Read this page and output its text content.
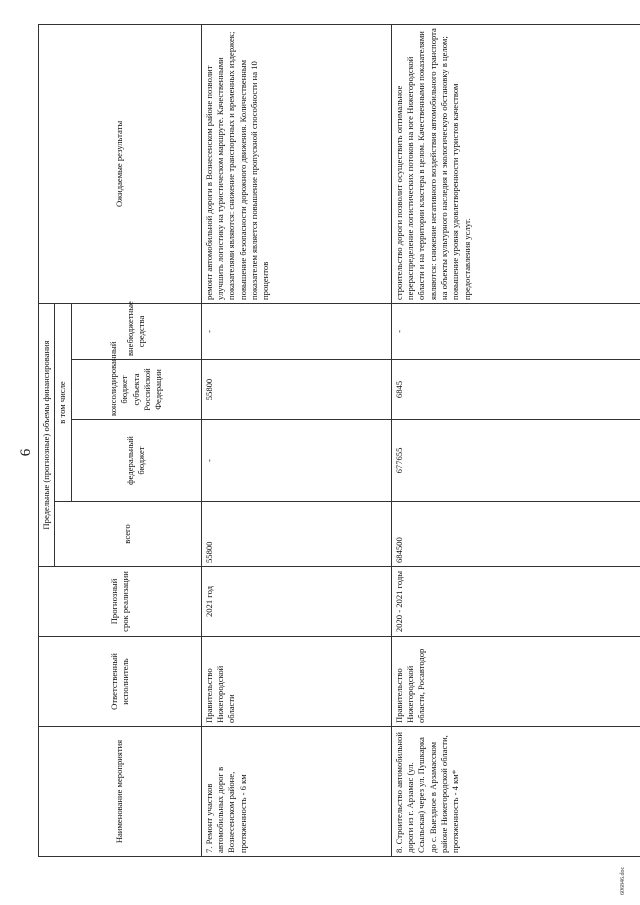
6
Наименование мероприятия	Ответственный исполнитель	Прогнозный срок реализации	Предельные (прогнозные) объемы финансирования				Ожидаемые результаты
			всего	в том числе			
				федеральный бюджет	консолидированный бюджет субъекта Российской Федерации	внебюджетные средства	
7. Ремонт участков автомобильных дорог в Вознесенском районе, протяженность - 6 км	Правительство Нижегородской области	2021 год	55800	-	55800	-	ремонт автомобильной дороги в Вознесенском районе позволит улучшить логистику на туристическом маршруте. Качественными показателями являются: снижение транспортных и временных издержек; повышение безопасности дорожного движения. Количественным показателем является повышение пропускной способности на 10 процентов
8. Строительство автомобильной дороги из г. Арзамас (ул. Ссыльская) через ул. Пушкарка до с. Выездное в Арзамасском районе Нижегородской области, протяженность - 4 км*	Правительство Нижегородской области, Росавтодор	2020 - 2021 годы	684500	677655	6845	-	строительство дороги позволит осуществить оптимальное перераспределение логистических потоков на юге Нижегородской области и на территории кластера в целом. Качественными показателями являются: снижение негативного воздействия автомобильного транспорта на объекты культурного наследия и экологическую обстановку в целом; повышение уровня удовлетворенности туристов качеством предоставления услуг.
606846.doc
